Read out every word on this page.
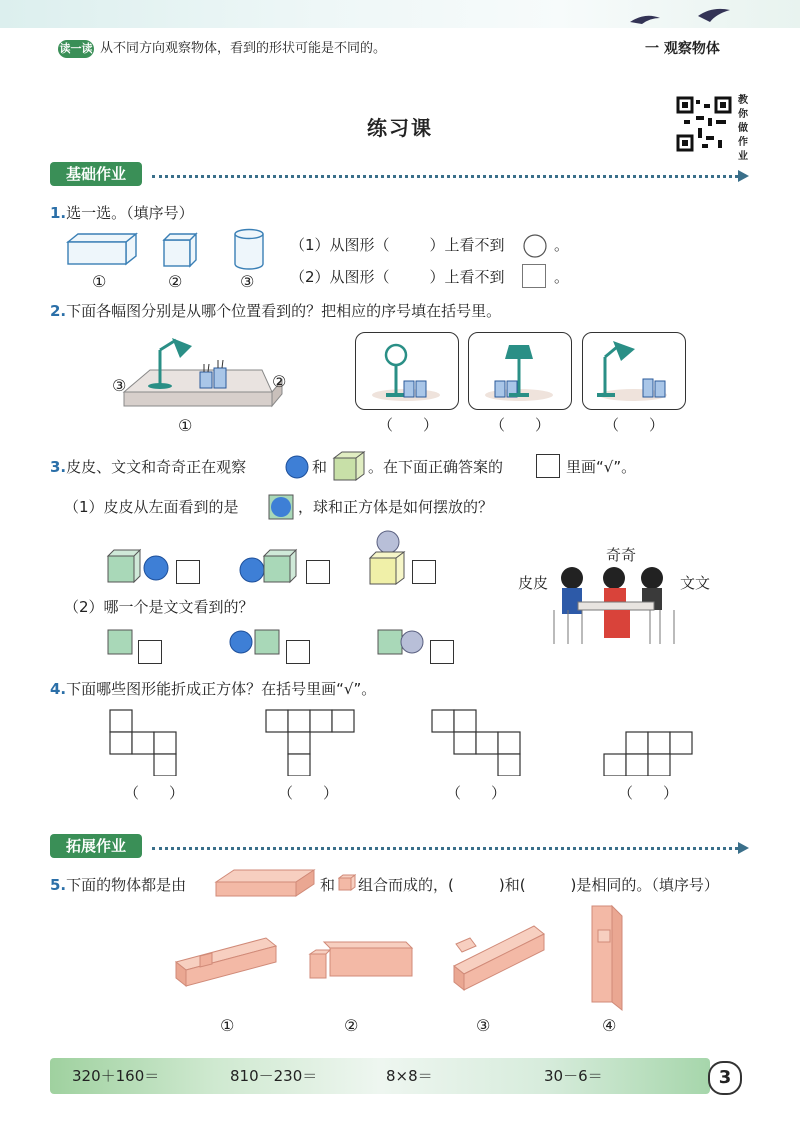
读一读 从不同方向观察物体，看到的形状可能是不同的。	一 观察物体
练习课
教你做作业
基础作业
1.选一选。（填序号）
①	②	③
（1）从图形（	）上看不到	。
（2）从图形（	）上看不到	。
2.下面各幅图分别是从哪个位置看到的？把相应的序号填在括号里。
③	②
①	（　　）	（　　）	（　　）
3.皮皮、文文和奇奇正在观察	和	。在下面正确答案的	里画“√”。
（1）皮皮从左面看到的是	，球和正方体是如何摆放的？
奇奇
皮皮	文文
（2）哪一个是文文看到的？
4.下面哪些图形能折成正方体？在括号里画“√”。
（　　）	（　　）	（　　）	（　　）
拓展作业
5.下面的物体都是由	和 组合而成的，(　　　)和(　　　)是相同的。（填序号）
①	②	③	④
320＋160＝	810－230＝	8×8＝	30－6＝	3
